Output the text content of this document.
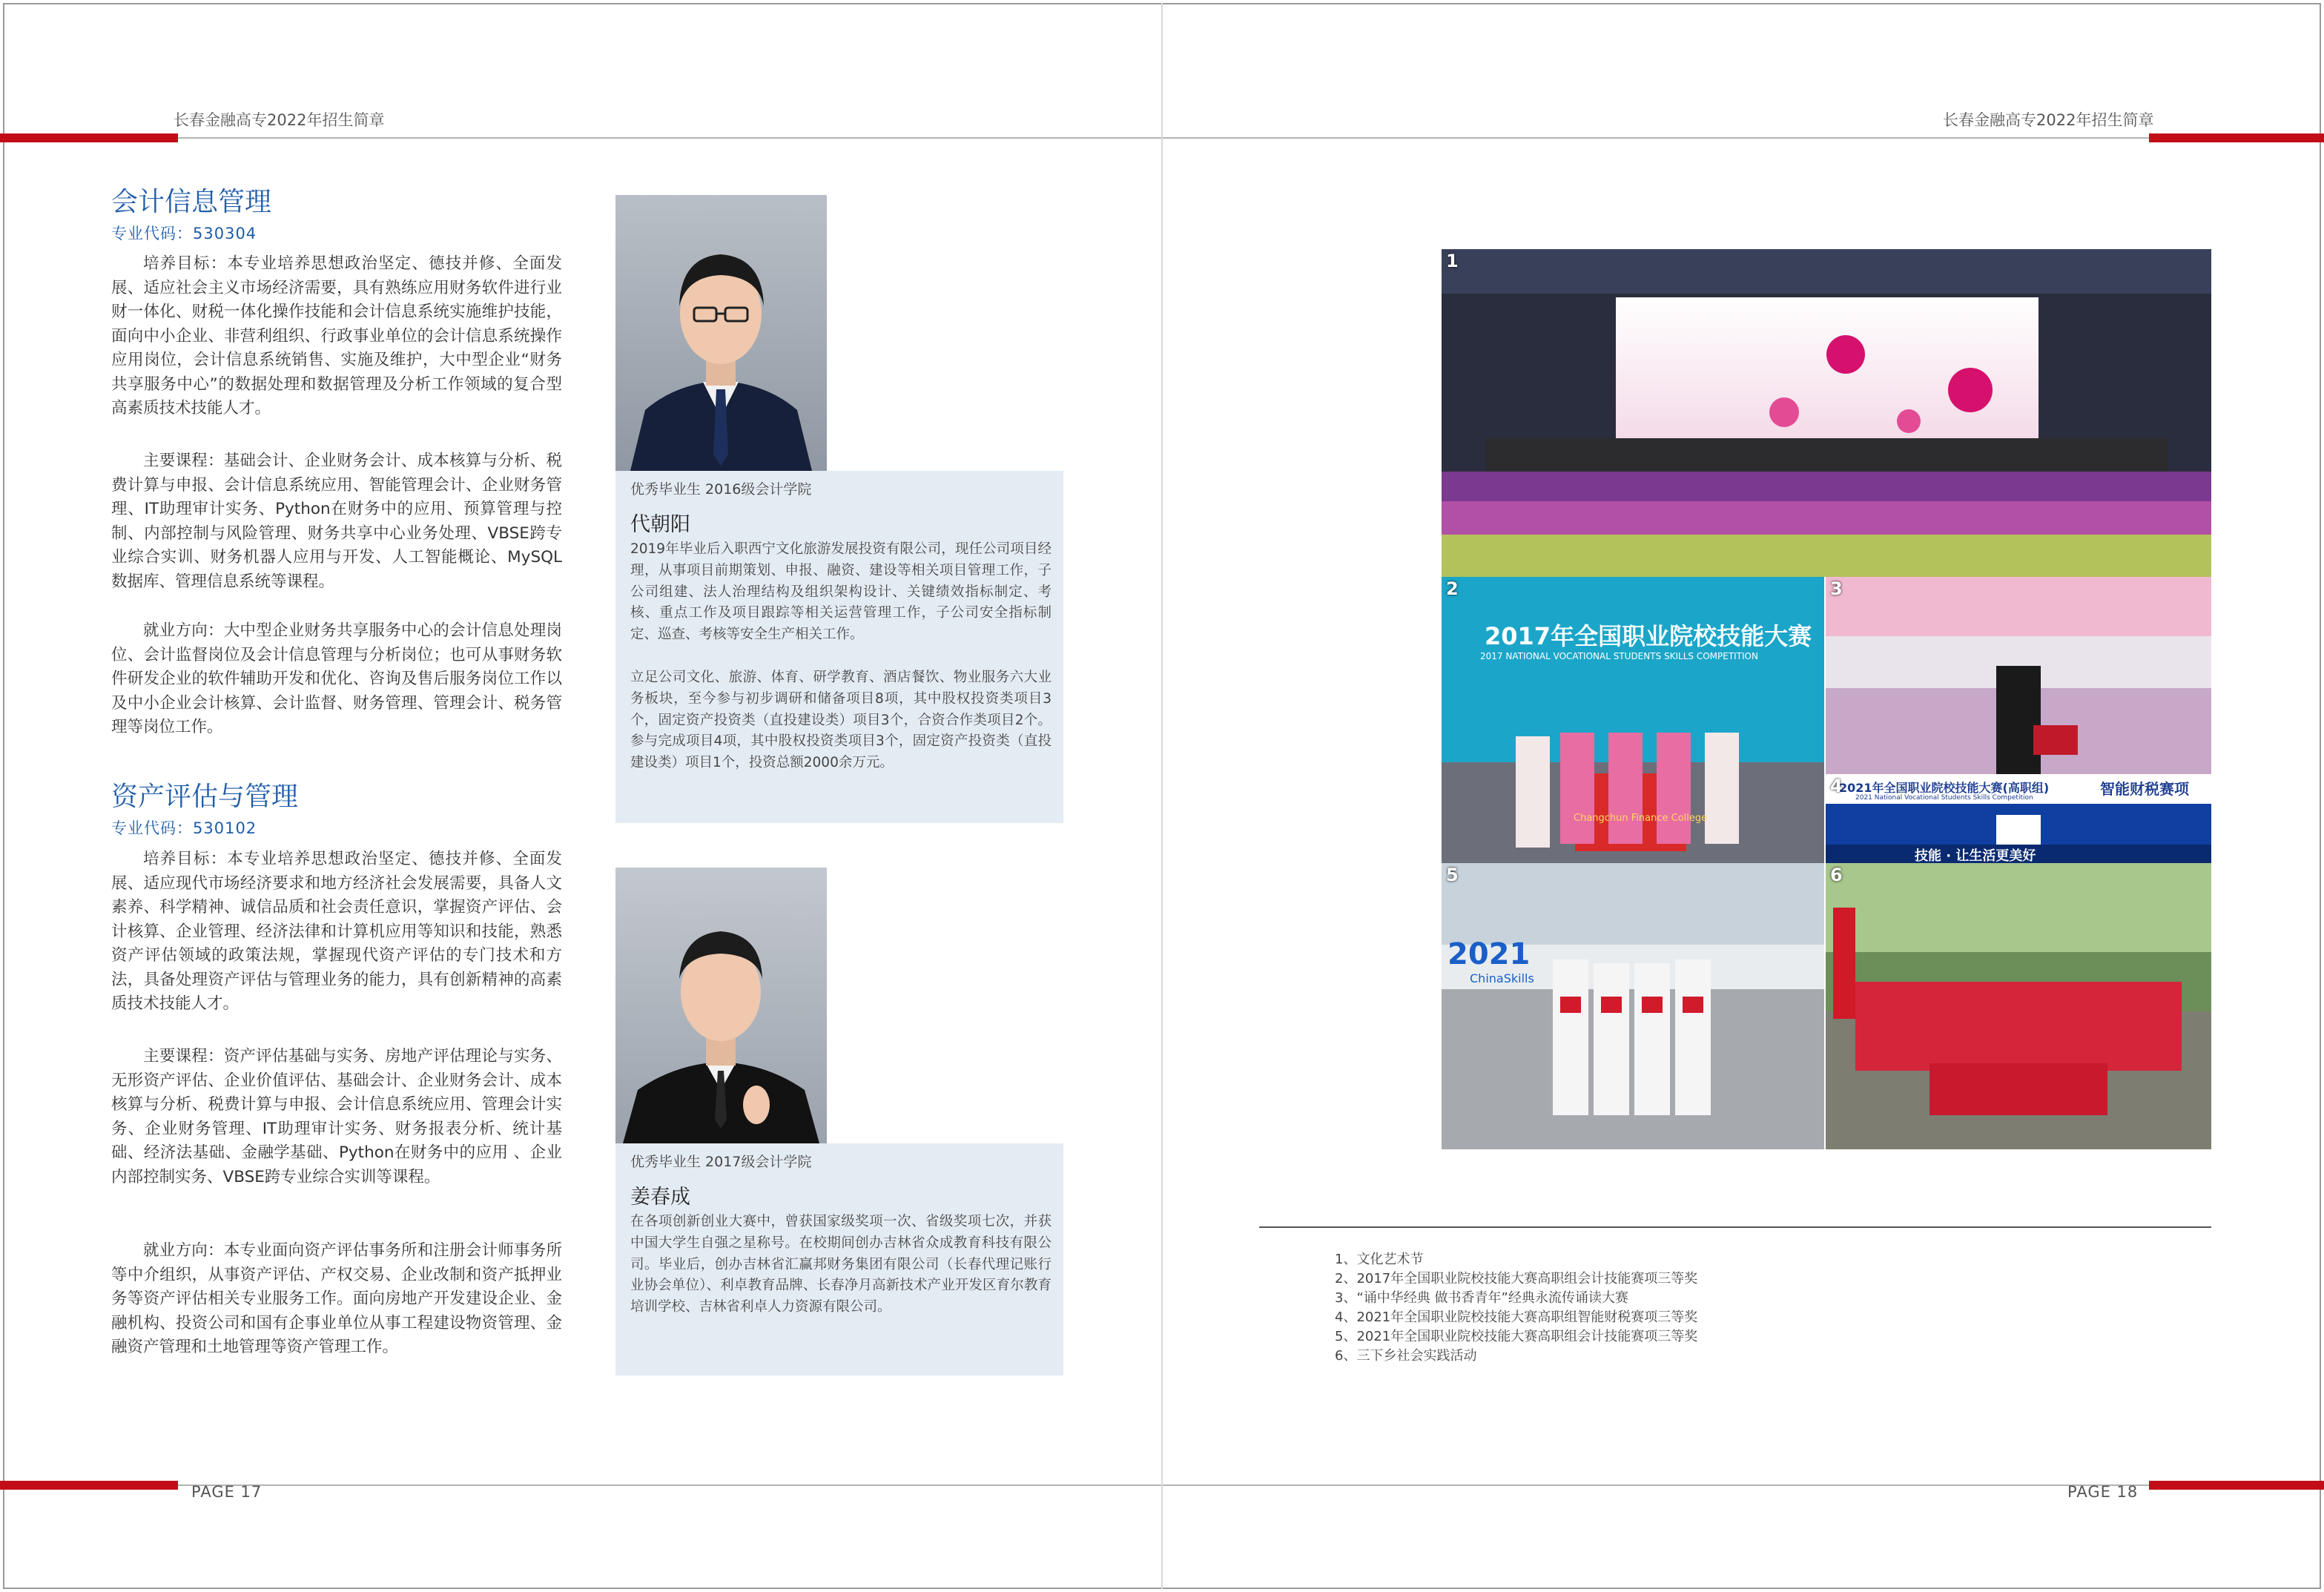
长春金融高专2022年招生简章	长春金融高专2022年招生简章
PAGE 17	PAGE 18
会计信息管理
专业代码：530304

培养目标：本专业培养思想政治坚定、德技并修、全面发展、适应社会主义市场经济需要，具有熟练应用财务软件进行业财一体化、财税一体化操作技能和会计信息系统实施维护技能，面向中小企业、非营利组织、行政事业单位的会计信息系统操作应用岗位，会计信息系统销售、实施及维护，大中型企业“财务共享服务中心”的数据处理和数据管理及分析工作领域的复合型高素质技术技能人才。

主要课程：基础会计、企业财务会计、成本核算与分析、税费计算与申报、会计信息系统应用、智能管理会计、企业财务管理、IT助理审计实务、Python在财务中的应用、预算管理与控制、内部控制与风险管理、财务共享中心业务处理、VBSE跨专业综合实训、财务机器人应用与开发、人工智能概论、MySQL数据库、管理信息系统等课程。

就业方向：大中型企业财务共享服务中心的会计信息处理岗位、会计监督岗位及会计信息管理与分析岗位；也可从事财务软件研发企业的软件辅助开发和优化、咨询及售后服务岗位工作以及中小企业会计核算、会计监督、财务管理、管理会计、税务管理等岗位工作。

资产评估与管理
专业代码：530102

培养目标：本专业培养思想政治坚定、德技并修、全面发展、适应现代市场经济要求和地方经济社会发展需要，具备人文素养、科学精神、诚信品质和社会责任意识，掌握资产评估、会计核算、企业管理、经济法律和计算机应用等知识和技能，熟悉资产评估领域的政策法规，掌握现代资产评估的专门技术和方法，具备处理资产评估与管理业务的能力，具有创新精神的高素质技术技能人才。

主要课程：资产评估基础与实务、房地产评估理论与实务、无形资产评估、企业价值评估、基础会计、企业财务会计、成本核算与分析、税费计算与申报、会计信息系统应用、管理会计实务、企业财务管理、IT助理审计实务、财务报表分析、统计基础、经济法基础、金融学基础、Python在财务中的应用 、企业内部控制实务、VBSE跨专业综合实训等课程。

就业方向：本专业面向资产评估事务所和注册会计师事务所等中介组织，从事资产评估、产权交易、企业改制和资产抵押业务等资产评估相关专业服务工作。面向房地产开发建设企业、金融机构、投资公司和国有企事业单位从事工程建设物资管理、金融资产管理和土地管理等资产管理工作。

优秀毕业生 2016级会计学院
代朝阳

2019年毕业后入职西宁文化旅游发展投资有限公司，现任公司项目经理，从事项目前期策划、申报、融资、建设等相关项目管理工作，子公司组建、法人治理结构及组织架构设计、关键绩效指标制定、考核、重点工作及项目跟踪等相关运营管理工作，子公司安全指标制定、巡查、考核等安全生产相关工作。

立足公司文化、旅游、体育、研学教育、酒店餐饮、物业服务六大业务板块，至今参与初步调研和储备项目8项，其中股权投资类项目3个，固定资产投资类（直投建设类）项目3个，合资合作类项目2个。参与完成项目4项，其中股权投资类项目3个，固定资产投资类（直投建设类）项目1个，投资总额2000余万元。

优秀毕业生 2017级会计学院
姜春成

在各项创新创业大赛中，曾获国家级奖项一次、省级奖项七次，并获中国大学生自强之星称号。在校期间创办吉林省众成教育科技有限公司。毕业后，创办吉林省汇赢邦财务集团有限公司（长春代理记账行业协会单位）、利卓教育品牌、长春净月高新技术产业开发区育尔教育培训学校、吉林省利卓人力资源有限公司。

1
2017年全国职业院校技能大赛
2017 NATIONAL VOCATIONAL STUDENTS SKILLS COMPETITION
Changchun Finance College
2	3
2021年全国职业院校技能大赛(高职组)	智能财税赛项
2021 National Vocational Students Skills Competition
技能 · 让生活更美好
4
2021
ChinaSkills
5	6
1、文化艺术节
2、2017年全国职业院校技能大赛高职组会计技能赛项三等奖
3、“诵中华经典 做书香青年”经典永流传诵读大赛
4、2021年全国职业院校技能大赛高职组智能财税赛项三等奖
5、2021年全国职业院校技能大赛高职组会计技能赛项三等奖
6、三下乡社会实践活动
